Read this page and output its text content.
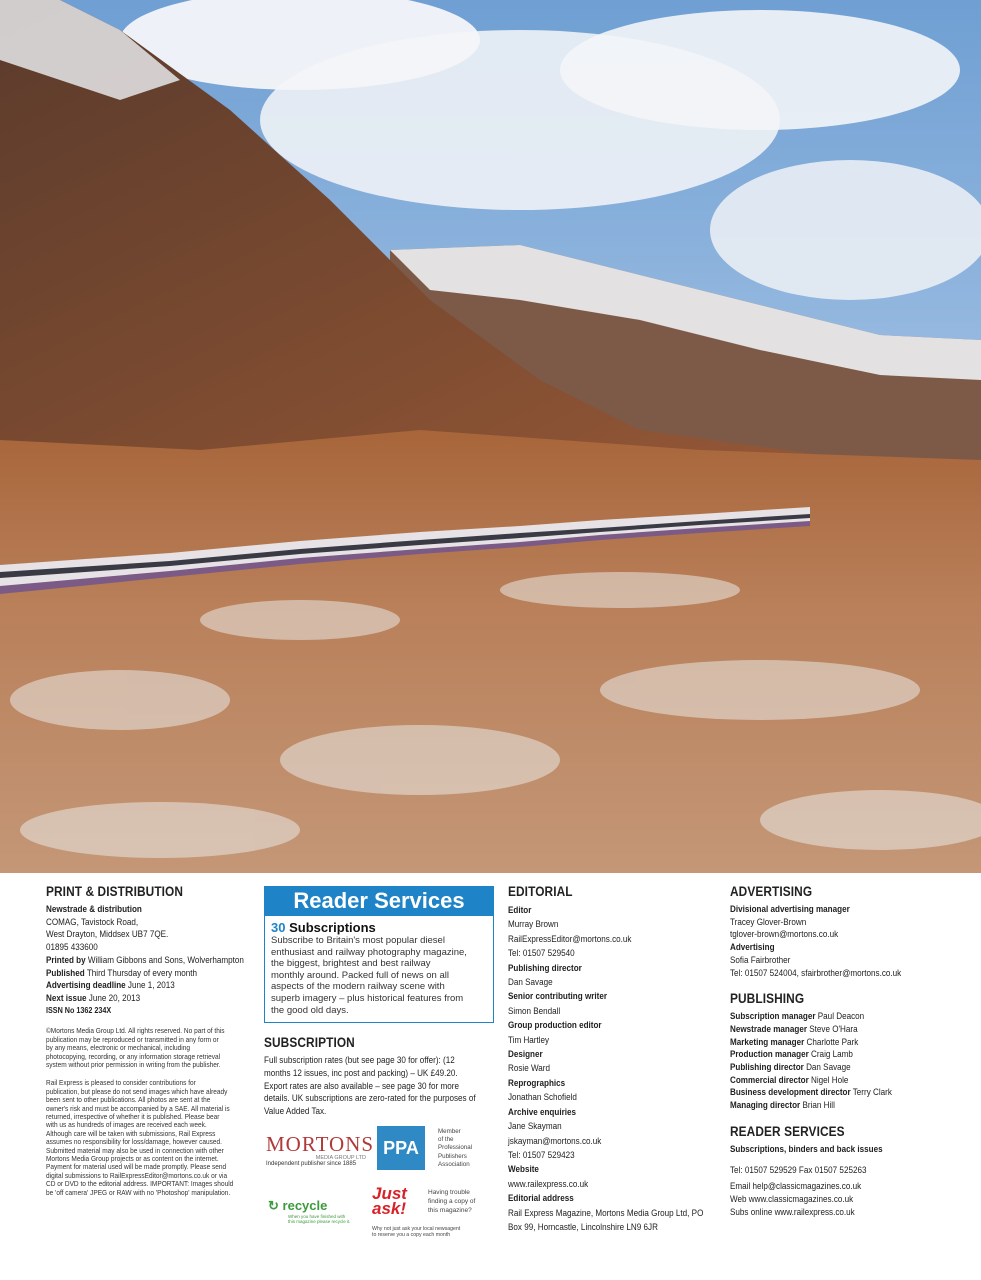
PRINT & DISTRIBUTION
Newstrade & distribution
COMAG, Tavistock Road,
West Drayton, Middsex UB7 7QE.
01895 433600
Printed by William Gibbons and Sons, Wolverhampton
Published Third Thursday of every month
Advertising deadline June 1, 2013
Next issue June 20, 2013
ISSN No 1362 234X
©Mortons Media Group Ltd. All rights reserved. No part of this
publication may be reproduced or transmitted in any form or
by any means, electronic or mechanical, including
photocopying, recording, or any information storage retrieval
system without prior permission in writing from the publisher.
Rail Express is pleased to consider contributions for
publication, but please do not send images which have already
been sent to other publications. All photos are sent at the
owner's risk and must be accompanied by a SAE. All material is
returned, irrespective of whether it is published. Please bear
with us as hundreds of images are received each week.
Although care will be taken with submissions, Rail Express
assumes no responsibility for loss/damage, however caused.
Submitted material may also be used in connection with other
Mortons Media Group projects or as content on the internet.
Payment for material used will be made promptly. Please send
digital submissions to RailExpressEditor@mortons.co.uk or via
CD or DVD to the editorial address. IMPORTANT: Images should
be 'off camera' JPEG or RAW with no 'Photoshop' manipulation.
Reader Services
30 Subscriptions
Subscribe to Britain's most popular diesel
enthusiast and railway photography magazine,
the biggest, brightest and best railway
monthly around. Packed full of news on all
aspects of the modern railway scene with
superb imagery – plus historical features from
the good old days.
SUBSCRIPTION
Full subscription rates (but see page 30 for offer): (12
months 12 issues, inc post and packing) – UK £49.20.
Export rates are also available – see page 30 for more
details. UK subscriptions are zero-rated for the purposes of
Value Added Tax.
MORTONS
MEDIA GROUP LTD
Independent publisher since 1885
PPA
Member
of the
Professional
Publishers
Association
↻ recycle
When you have finished with
this magazine please recycle it.
Just
ask!
Having trouble
finding a copy of
this magazine?
Why not just ask your local newsagent
to reserve you a copy each month
EDITORIAL
Editor
Murray Brown
RailExpressEditor@mortons.co.uk
Tel: 01507 529540
Publishing director
Dan Savage
Senior contributing writer
Simon Bendall
Group production editor
Tim Hartley
Designer
Rosie Ward
Reprographics
Jonathan Schofield
Archive enquiries
Jane Skayman
jskayman@mortons.co.uk
Tel: 01507 529423
Website
www.railexpress.co.uk
Editorial address
Rail Express Magazine, Mortons Media Group Ltd, PO
Box 99, Horncastle, Lincolnshire LN9 6JR
ADVERTISING
Divisional advertising manager
Tracey Glover-Brown
tglover-brown@mortons.co.uk
Advertising
Sofia Fairbrother
Tel: 01507 524004, sfairbrother@mortons.co.uk
PUBLISHING
Subscription manager Paul Deacon
Newstrade manager Steve O'Hara
Marketing manager Charlotte Park
Production manager Craig Lamb
Publishing director Dan Savage
Commercial director Nigel Hole
Business development director Terry Clark
Managing director Brian Hill
READER SERVICES
Subscriptions, binders and back issues
Tel: 01507 529529 Fax 01507 525263
Email help@classicmagazines.co.uk
Web www.classicmagazines.co.uk
Subs online www.railexpress.co.uk
